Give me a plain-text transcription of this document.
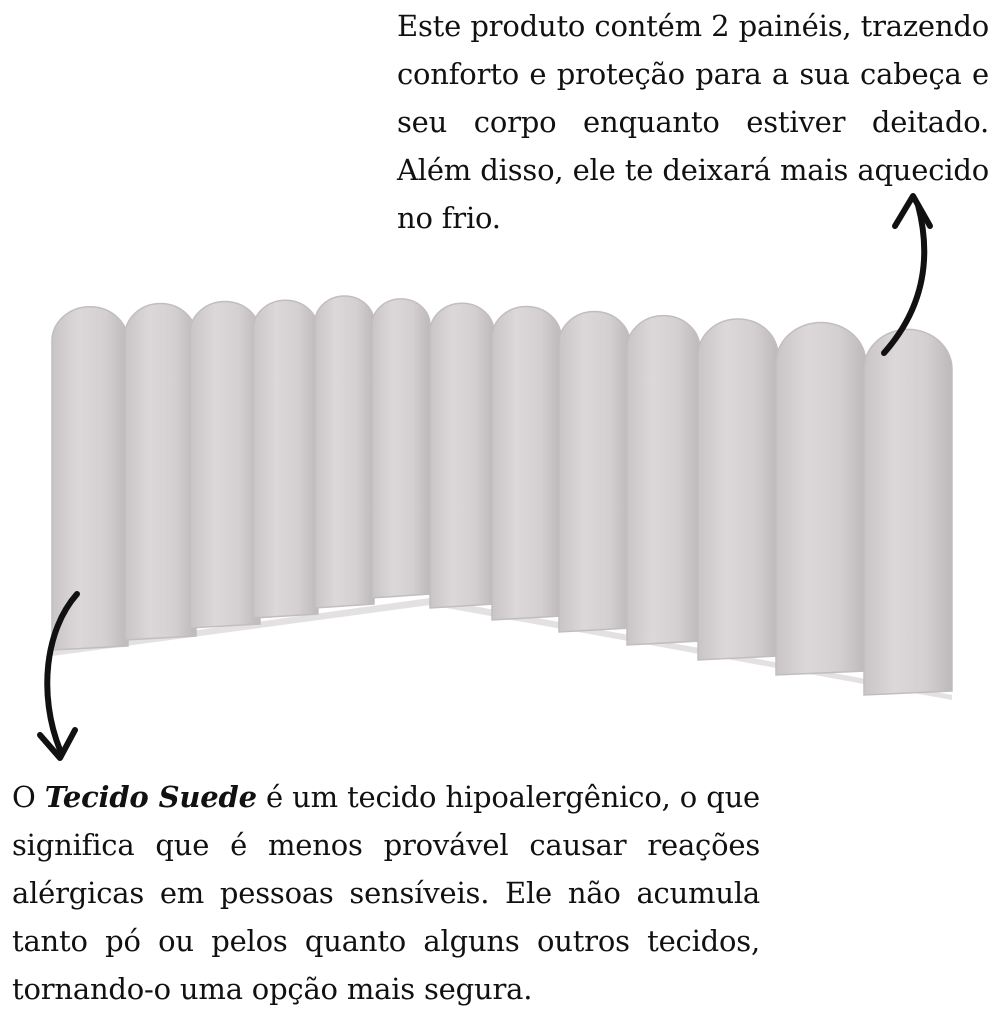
Este produto contém 2 painéis, trazendo conforto e proteção para a sua cabeça e seu corpo enquanto estiver deitado. Além disso, ele te deixará mais aquecido no frio.
O Tecido Suede é um tecido hipoalergênico, o que significa que é menos provável causar reações alérgicas em pessoas sensíveis. Ele não acumula tanto pó ou pelos quanto alguns outros tecidos, tornando-o uma opção mais segura.
